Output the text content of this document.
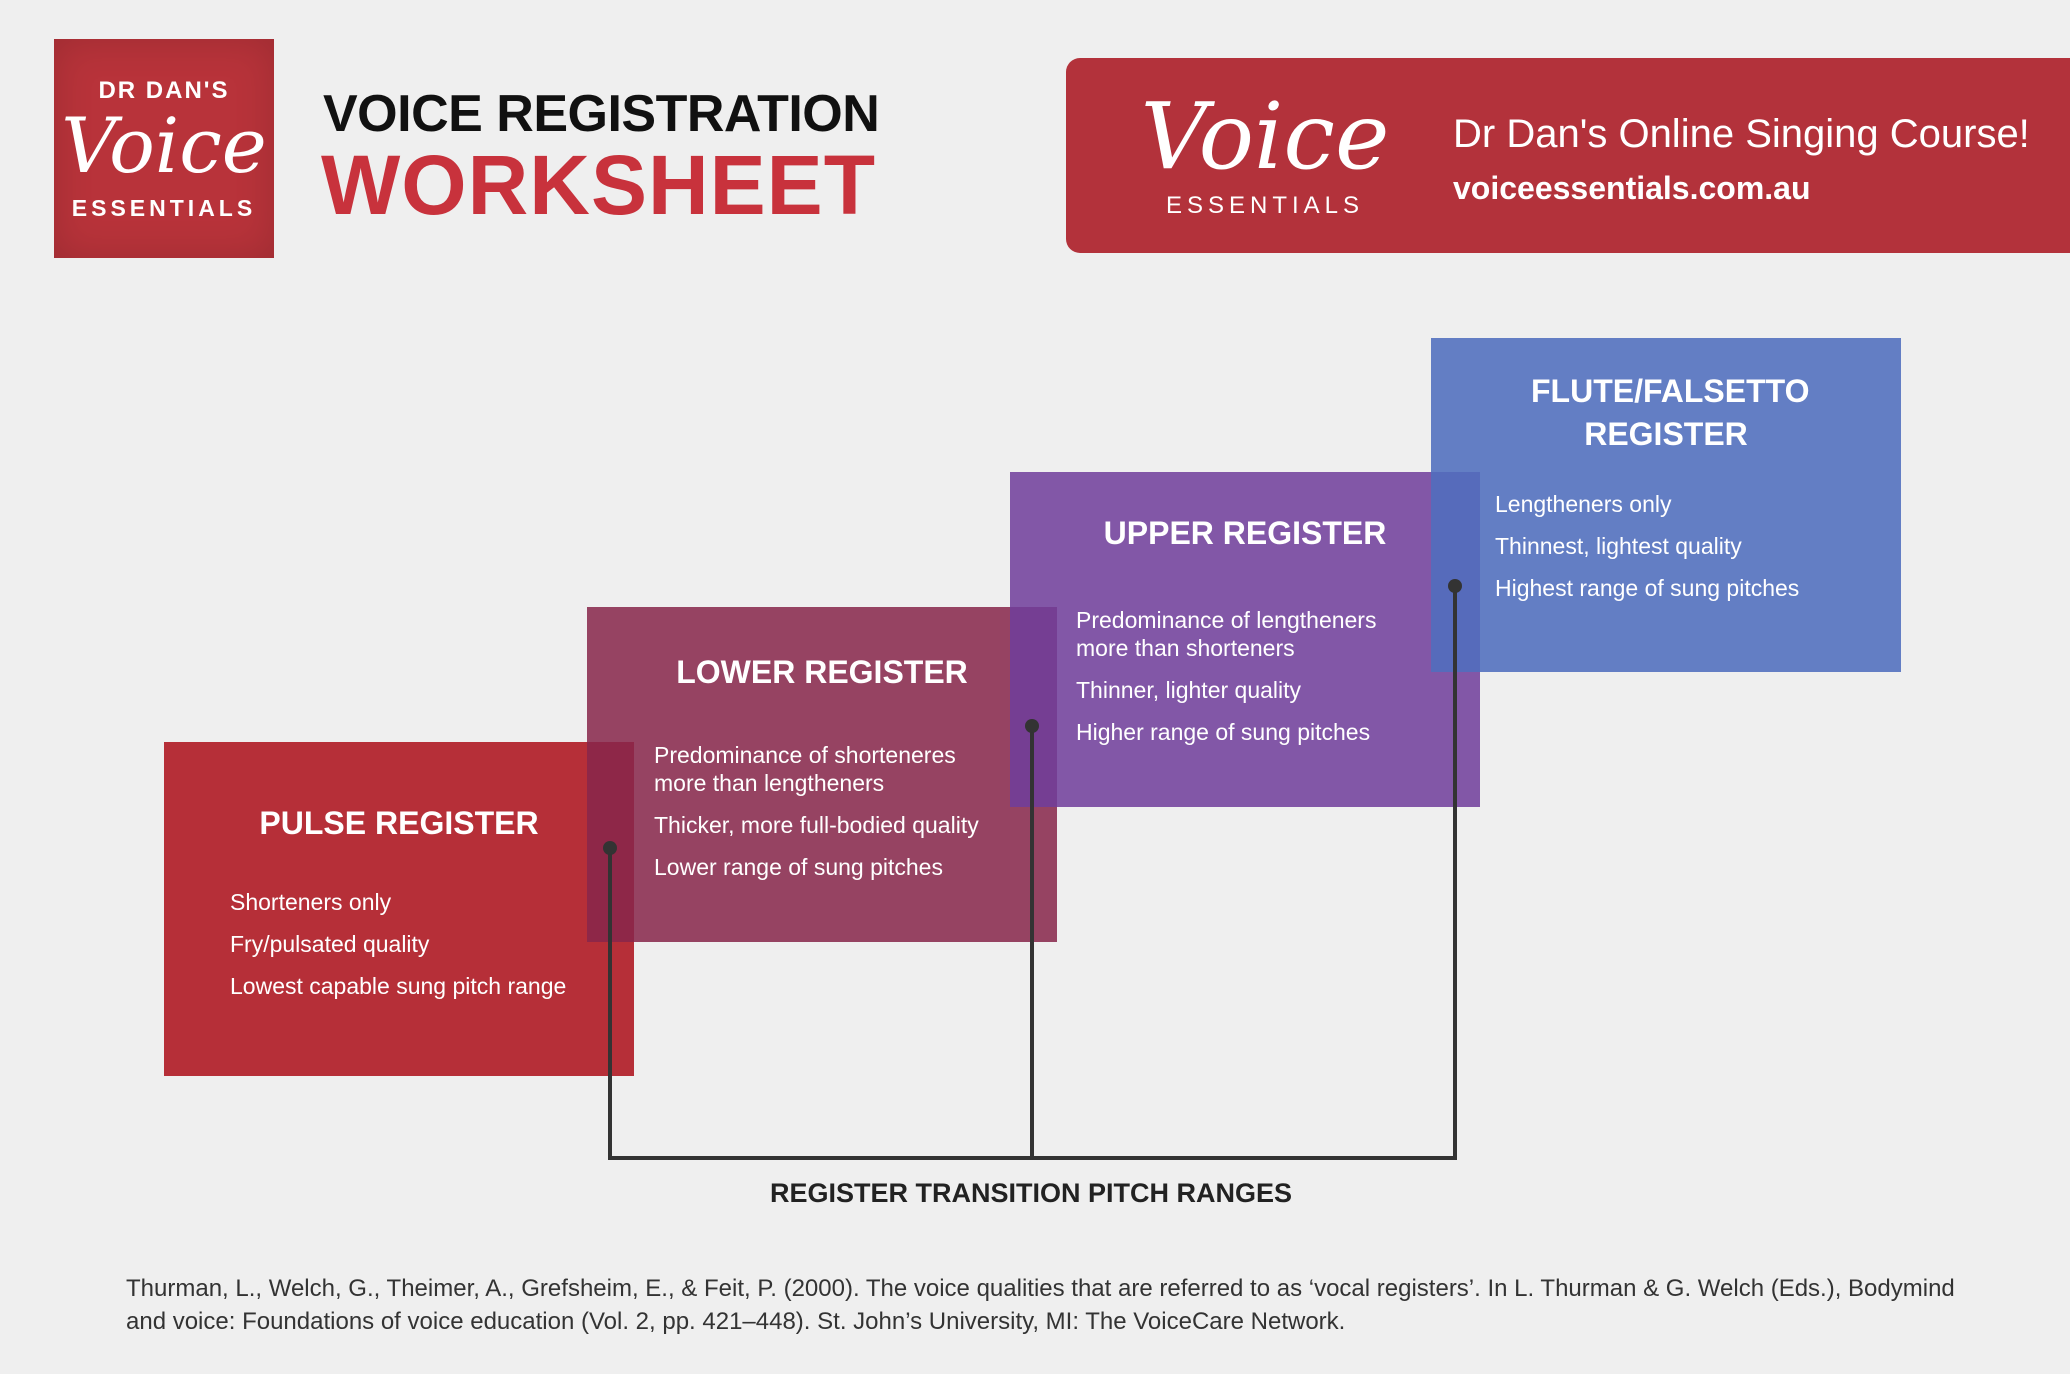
DR DAN'S
Voice
ESSENTIALS
VOICE REGISTRATION
WORKSHEET	Voice
ESSENTIALS
Dr Dan's Online Singing Course!
voiceessentials.com.au
PULSE REGISTER
Shorteners only
Fry/pulsated quality
Lowest capable sung pitch range
LOWER REGISTER
Predominance of shorteneres more than lengtheners
Thicker, more full-bodied quality
Lower range of sung pitches
UPPER REGISTER
Predominance of lengtheners more than shorteners
Thinner, lighter quality
Higher range of sung pitches
FLUTE/FALSETTO REGISTER
Lengtheners only
Thinnest, lightest quality
Highest range of sung pitches
REGISTER TRANSITION PITCH RANGES
Thurman, L., Welch, G., Theimer, A., Grefsheim, E., & Feit, P. (2000). The voice qualities that are referred to as ‘vocal registers’. In L. Thurman & G. Welch (Eds.), Bodymind and voice: Foundations of voice education (Vol. 2, pp. 421–448). St. John’s University, MI: The VoiceCare Network.
